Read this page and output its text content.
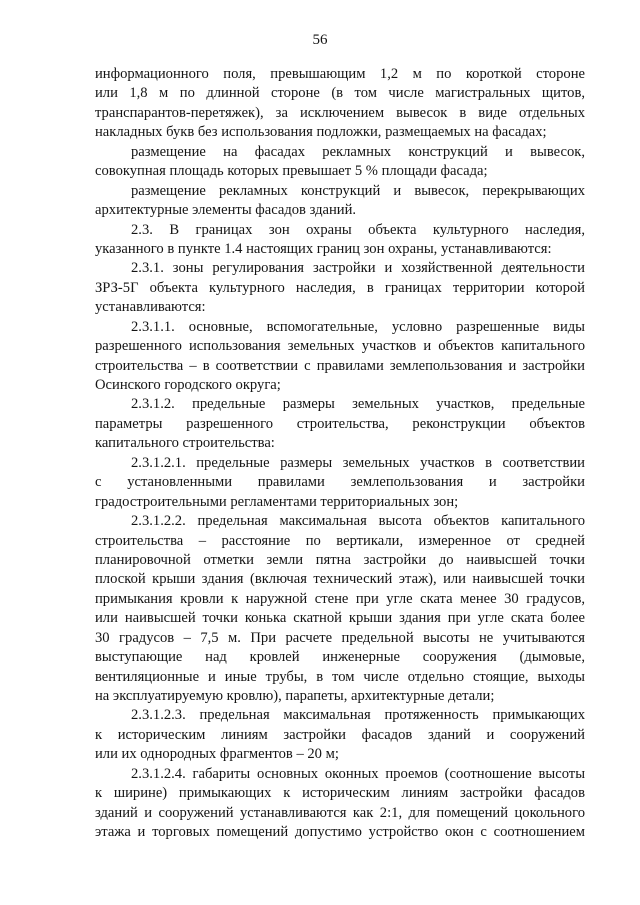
56
информационного поля, превышающим 1,2 м по короткой стороне
или 1,8 м по длинной стороне (в том числе магистральных щитов,
транспарантов-перетяжек), за исключением вывесок в виде отдельных
накладных букв без использования подложки, размещаемых на фасадах;
размещение на фасадах рекламных конструкций и вывесок,
совокупная площадь которых превышает 5 % площади фасада;
размещение рекламных конструкций и вывесок, перекрывающих
архитектурные элементы фасадов зданий.
2.3. В границах зон охраны объекта культурного наследия,
указанного в пункте 1.4 настоящих границ зон охраны, устанавливаются:
2.3.1. зоны регулирования застройки и хозяйственной деятельности
ЗРЗ-5Г объекта культурного наследия, в границах территории которой
устанавливаются:
2.3.1.1. основные, вспомогательные, условно разрешенные виды
разрешенного использования земельных участков и объектов капитального
строительства – в соответствии с правилами землепользования и застройки
Осинского городского округа;
2.3.1.2. предельные размеры земельных участков, предельные
параметры разрешенного строительства, реконструкции объектов
капитального строительства:
2.3.1.2.1. предельные размеры земельных участков в соответствии
с установленными правилами землепользования и застройки
градостроительными регламентами территориальных зон;
2.3.1.2.2. предельная максимальная высота объектов капитального
строительства – расстояние по вертикали, измеренное от средней
планировочной отметки земли пятна застройки до наивысшей точки
плоской крыши здания (включая технический этаж), или наивысшей точки
примыкания кровли к наружной стене при угле ската менее 30 градусов,
или наивысшей точки конька скатной крыши здания при угле ската более
30 градусов – 7,5 м. При расчете предельной высоты не учитываются
выступающие над кровлей инженерные сооружения (дымовые,
вентиляционные и иные трубы, в том числе отдельно стоящие, выходы
на эксплуатируемую кровлю), парапеты, архитектурные детали;
2.3.1.2.3. предельная максимальная протяженность примыкающих
к историческим линиям застройки фасадов зданий и сооружений
или их однородных фрагментов – 20 м;
2.3.1.2.4. габариты основных оконных проемов (соотношение высоты
к ширине) примыкающих к историческим линиям застройки фасадов
зданий и сооружений устанавливаются как 2:1, для помещений цокольного
этажа и торговых помещений допустимо устройство окон с соотношением
